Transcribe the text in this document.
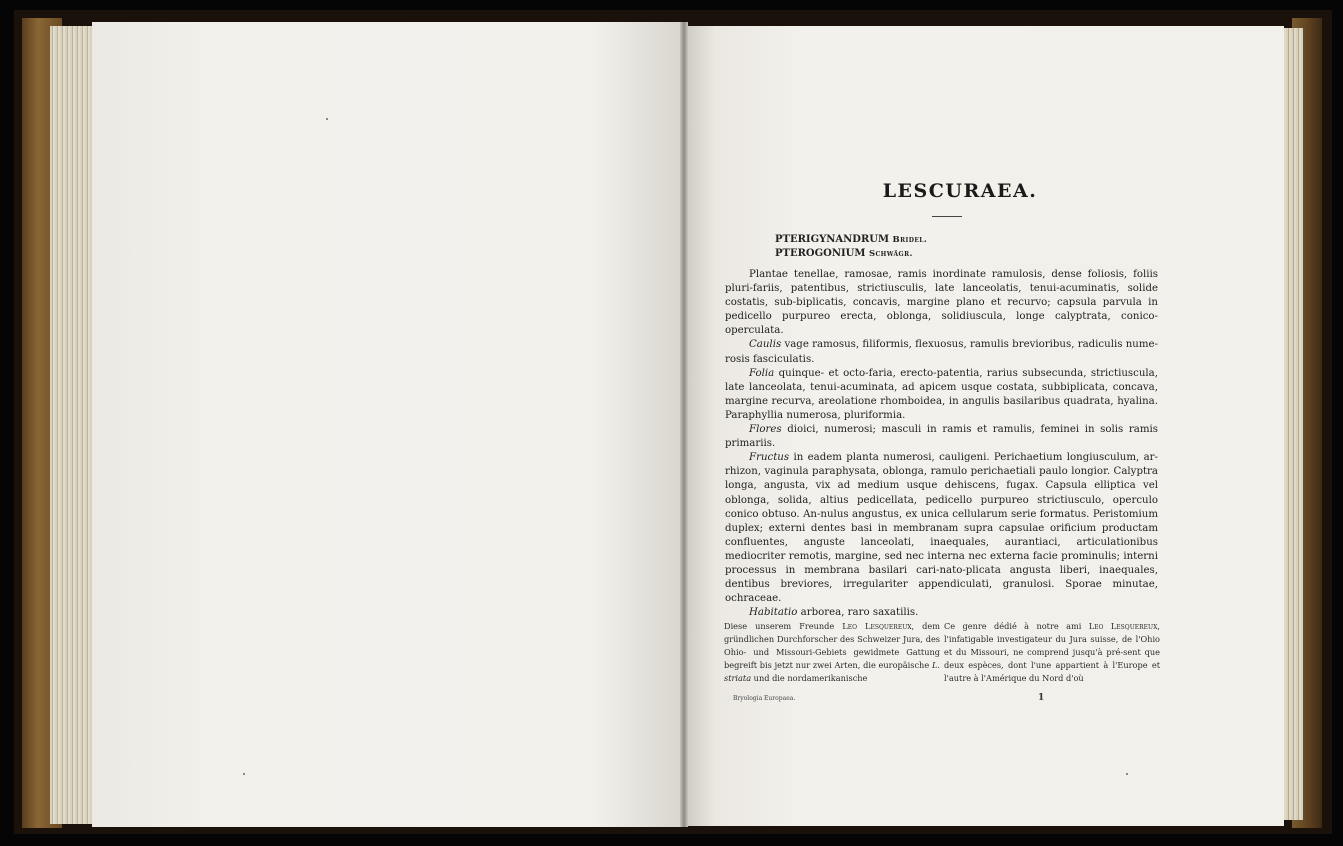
LESCURAEA.
PTERIGYNANDRUM Bridel.
PTEROGONIUM Schwägr.

Plantae tenellae, ramosae, ramis inordinate ramulosis, dense foliosis, foliis pluri-fariis, patentibus, strictiusculis, late lanceolatis, tenui-acuminatis, solide costatis, sub-biplicatis, concavis, margine plano et recurvo; capsula parvula in pedicello purpureo erecta, oblonga, solidiuscula, longe calyptrata, conico-operculata.

Caulis vage ramosus, filiformis, flexuosus, ramulis brevioribus, radiculis nume-rosis fasciculatis.

Folia quinque- et octo-faria, erecto-patentia, rarius subsecunda, strictiuscula, late lanceolata, tenui-acuminata, ad apicem usque costata, subbiplicata, concava, margine recurva, areolatione rhomboidea, in angulis basilaribus quadrata, hyalina. Paraphyllia numerosa, pluriformia.

Flores dioici, numerosi; masculi in ramis et ramulis, feminei in solis ramis primariis.

Fructus in eadem planta numerosi, cauligeni. Perichaetium longiusculum, ar-rhizon, vaginula paraphysata, oblonga, ramulo perichaetiali paulo longior. Calyptra longa, angusta, vix ad medium usque dehiscens, fugax. Capsula elliptica vel oblonga, solida, altius pedicellata, pedicello purpureo strictiusculo, operculo conico obtuso. An-nulus angustus, ex unica cellularum serie formatus. Peristomium duplex; externi dentes basi in membranam supra capsulae orificium productam confluentes, anguste lanceolati, inaequales, aurantiaci, articulationibus mediocriter remotis, margine, sed nec interna nec externa facie prominulis; interni processus in membrana basilari cari-nato-plicata angusta liberi, inaequales, dentibus breviores, irregulariter appendiculati, granulosi. Sporae minutae, ochraceae.

Habitatio arborea, raro saxatilis.

Diese unserem Freunde Leo Lesquereux, dem gründlichen Durchforscher des Schweizer Jura, des Ohio- und Missouri-Gebiets gewidmete Gattung begreift bis jetzt nur zwei Arten, die europäische L. striata und die nordamerikanische
Ce genre dédié à notre ami Leo Lesquereux, l'infatigable investigateur du Jura suisse, de l'Ohio et du Missouri, ne comprend jusqu'à pré-sent que deux espèces, dont l'une appartient à l'Europe et l'autre à l'Amérique du Nord d'où
Bryologia Europaea.	1
